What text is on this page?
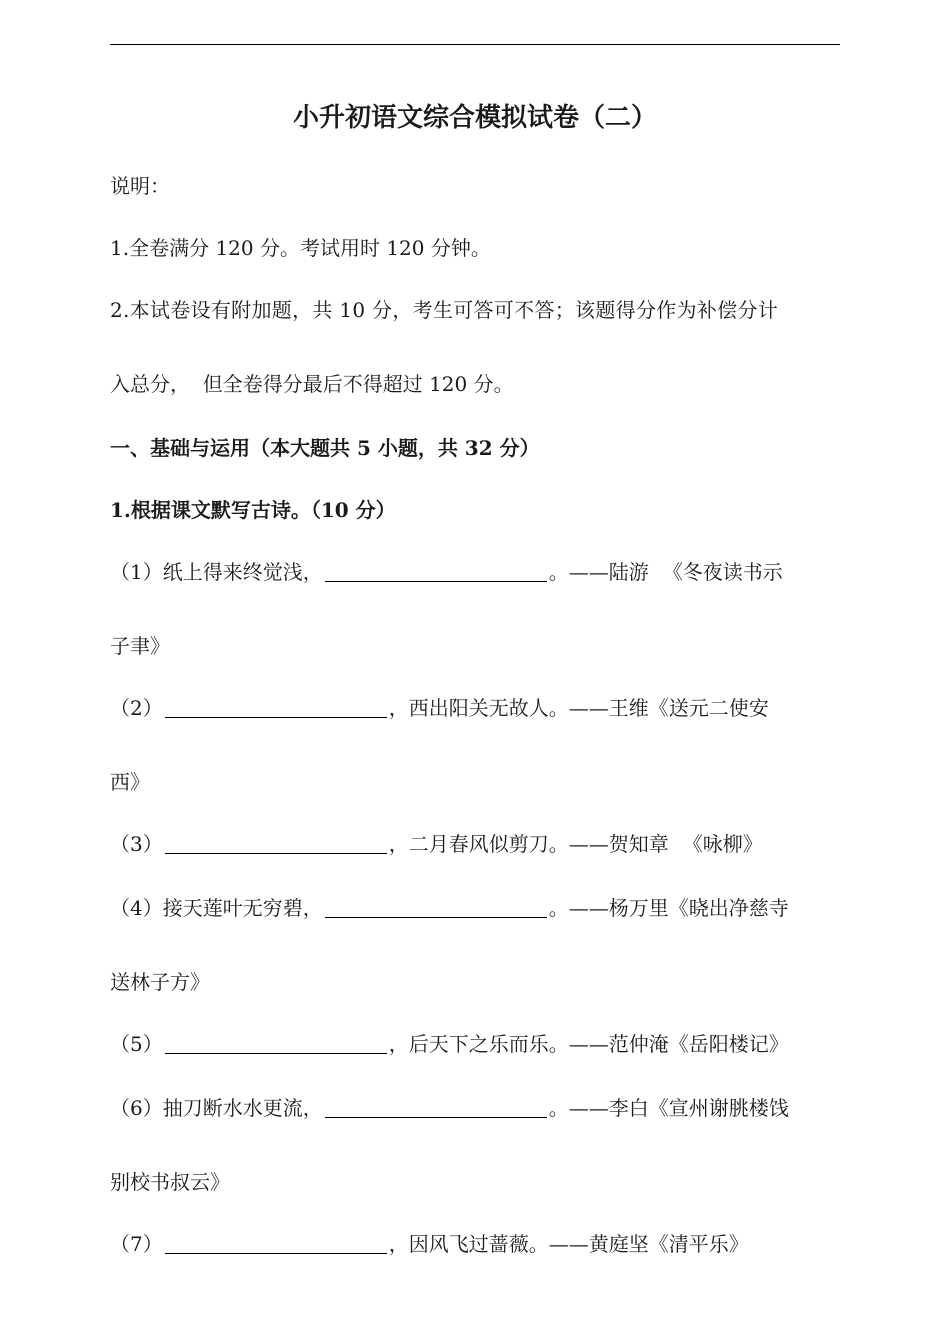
小升初语文综合模拟试卷（二）
说明：
1.全卷满分 120 分。考试用时 120 分钟。
2.本试卷设有附加题，共 10 分，考生可答可不答；该题得分作为补偿分计
入总分，  但全卷得分最后不得超过 120 分。
一、基础与运用（本大题共 5 小题，共 32 分）
1.根据课文默写古诗。（10 分）
（1）纸上得来终觉浅，	。——陆游 《冬夜读书示
子聿》
（2）	，西出阳关无故人。——王维《送元二使安
西》
（3）	，二月春风似剪刀。——贺知章 《咏柳》
（4）接天莲叶无穷碧，	。——杨万里《晓出净慈寺
送林子方》
（5）	，后天下之乐而乐。——范仲淹《岳阳楼记》
（6）抽刀断水水更流，	。——李白《宣州谢朓楼饯
别校书叔云》
（7）	，因风飞过蔷薇。——黄庭坚《清平乐》
